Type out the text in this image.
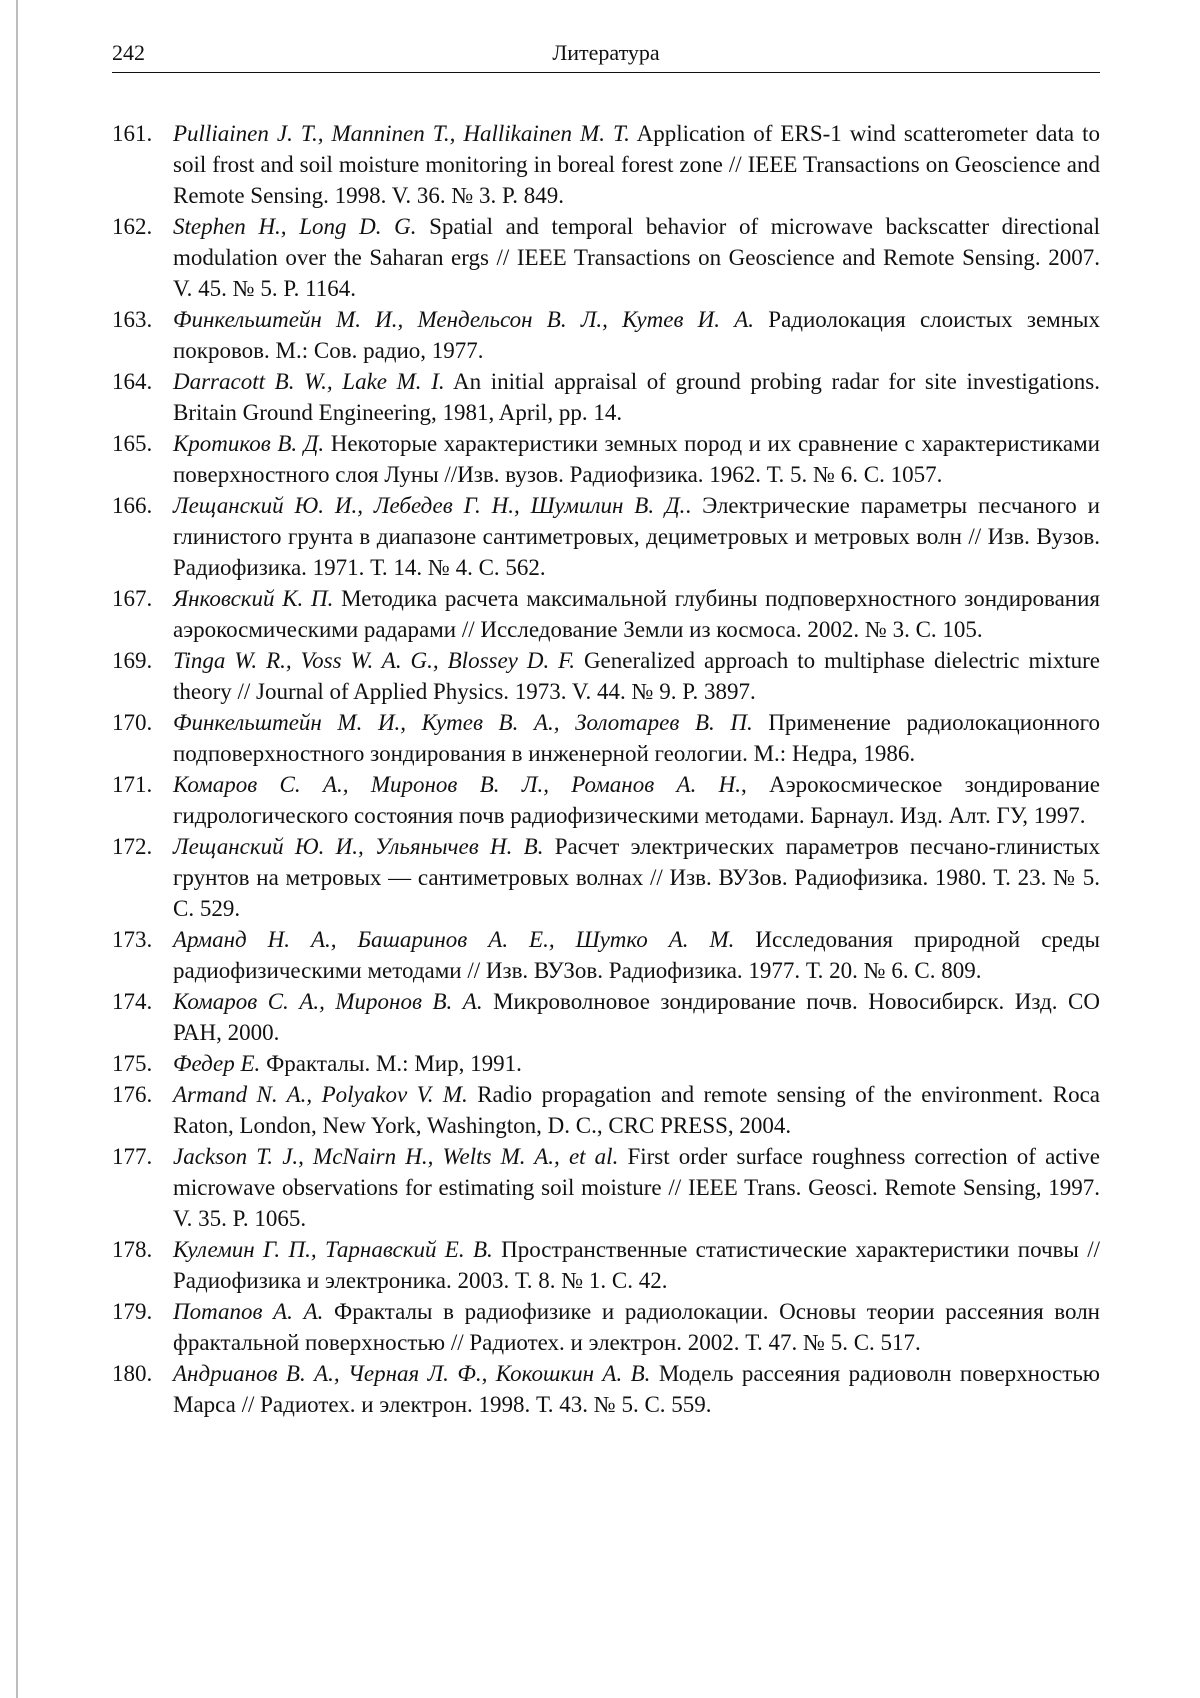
242	Литература
161. Pulliainen J. T., Manninen T., Hallikainen M. T. Application of ERS-1 wind scatterometer data to soil frost and soil moisture monitoring in boreal forest zone // IEEE Transactions on Geoscience and Remote Sensing. 1998. V. 36. № 3. P. 849.

162. Stephen H., Long D. G. Spatial and temporal behavior of microwave backscatter directional modulation over the Saharan ergs // IEEE Transactions on Geoscience and Remote Sensing. 2007. V. 45. № 5. P. 1164.

163. Финкельштейн М. И., Мендельсон В. Л., Кутев И. А. Радиолокация слоистых земных покровов. М.: Сов. радио, 1977.

164. Darracott B. W., Lake M. I. An initial appraisal of ground probing radar for site investigations. Britain Ground Engineering, 1981, April, pp. 14.

165. Кротиков В. Д. Некоторые характеристики земных пород и их сравнение с характеристиками поверхностного слоя Луны //Изв. вузов. Радиофизика. 1962. Т. 5. № 6. С. 1057.

166. Лещанский Ю. И., Лебедев Г. Н., Шумилин В. Д.. Электрические параметры песчаного и глинистого грунта в диапазоне сантиметровых, дециметровых и метровых волн // Изв. Вузов. Радиофизика. 1971. Т. 14. № 4. С. 562.

167. Янковский К. П. Методика расчета максимальной глубины подповерхностного зондирования аэрокосмическими радарами // Исследование Земли из космоса. 2002. № 3. С. 105.

169. Tinga W. R., Voss W. A. G., Blossey D. F. Generalized approach to multiphase dielectric mixture theory // Journal of Applied Physics. 1973. V. 44. № 9. P. 3897.

170. Финкельштейн М. И., Кутев В. А., Золотарев В. П. Применение радиолокационного подповерхностного зондирования в инженерной геологии. М.: Недра, 1986.

171. Комаров С. А., Миронов В. Л., Романов А. Н., Аэрокосмическое зондирование гидрологического состояния почв радиофизическими методами. Барнаул. Изд. Алт. ГУ, 1997.

172. Лещанский Ю. И., Ульянычев Н. В. Расчет электрических параметров песчано-глинистых грунтов на метровых — сантиметровых волнах // Изв. ВУЗов. Радиофизика. 1980. Т. 23. № 5. С. 529.

173. Арманд Н. А., Башаринов А. Е., Шутко А. М. Исследования природной среды радиофизическими методами // Изв. ВУЗов. Радиофизика. 1977. Т. 20. № 6. С. 809.

174. Комаров С. А., Миронов В. А. Микроволновое зондирование почв. Новосибирск. Изд. СО РАН, 2000.

175. Федер Е. Фракталы. М.: Мир, 1991.

176. Armand N. A., Polyakov V. M. Radio propagation and remote sensing of the environment. Roca Raton, London, New York, Washington, D. C., CRC PRESS, 2004.

177. Jackson T. J., McNairn H., Welts M. A., et al. First order surface roughness correction of active microwave observations for estimating soil moisture // IEEE Trans. Geosci. Remote Sensing, 1997. V. 35. P. 1065.

178. Кулемин Г. П., Тарнавский Е. В. Пространственные статистические характеристики почвы // Радиофизика и электроника. 2003. Т. 8. № 1. С. 42.

179. Потапов А. А. Фракталы в радиофизике и радиолокации. Основы теории рассеяния волн фрактальной поверхностью // Радиотех. и электрон. 2002. Т. 47. № 5. С. 517.

180. Андрианов В. А., Черная Л. Ф., Кокошкин А. В. Модель рассеяния радиоволн поверхностью Марса // Радиотех. и электрон. 1998. Т. 43. № 5. С. 559.
